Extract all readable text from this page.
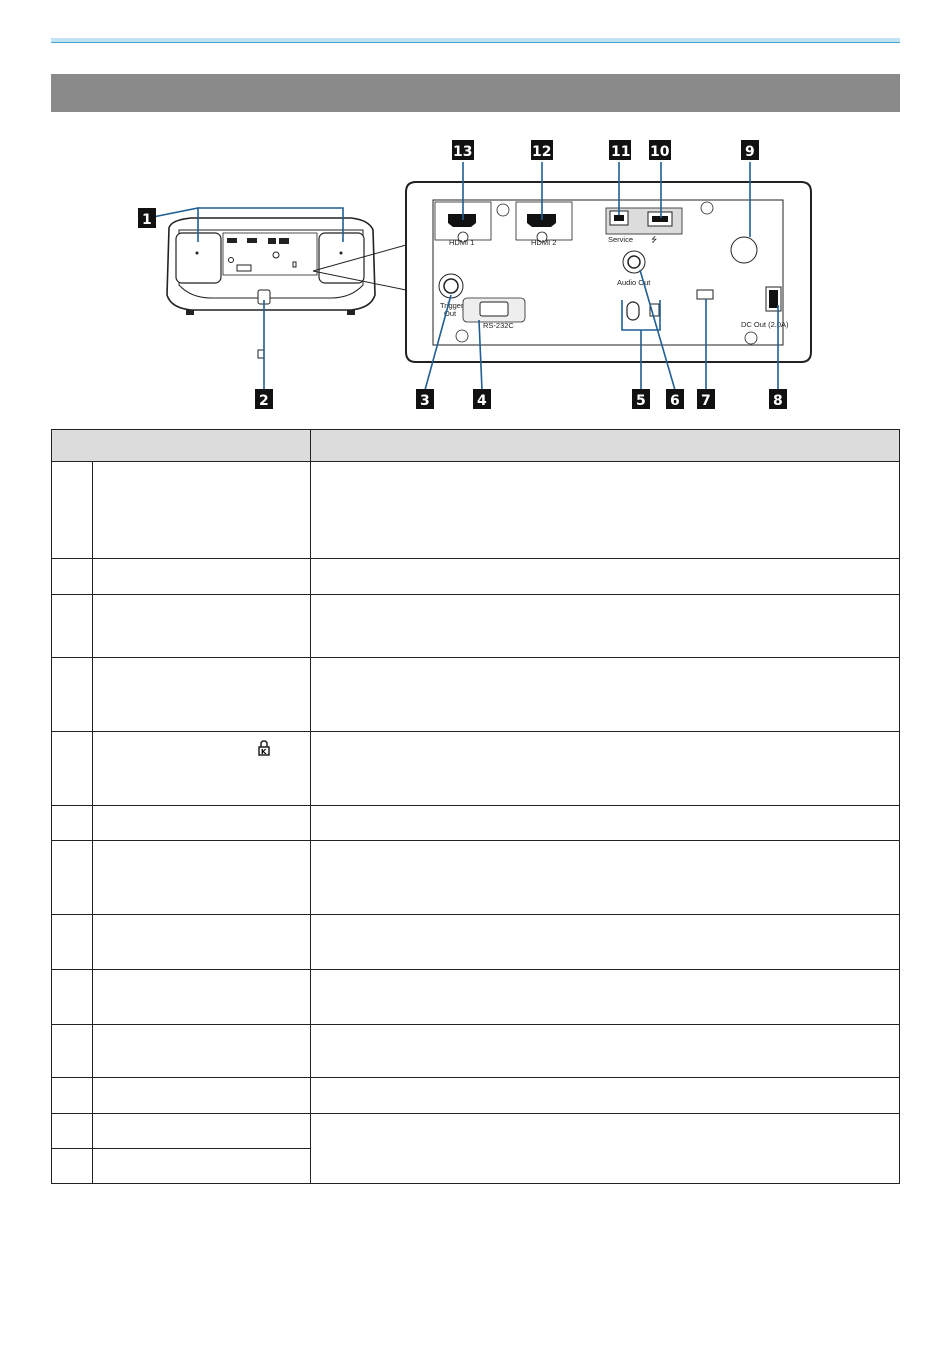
HDMI 1	HDMI 2	Service ⭍
Audio Out
Trigger
Out
RS-232C	DC Out (2.0A)
1
2	3	4	5 6 7	8
9
10
11
12
13

K	
